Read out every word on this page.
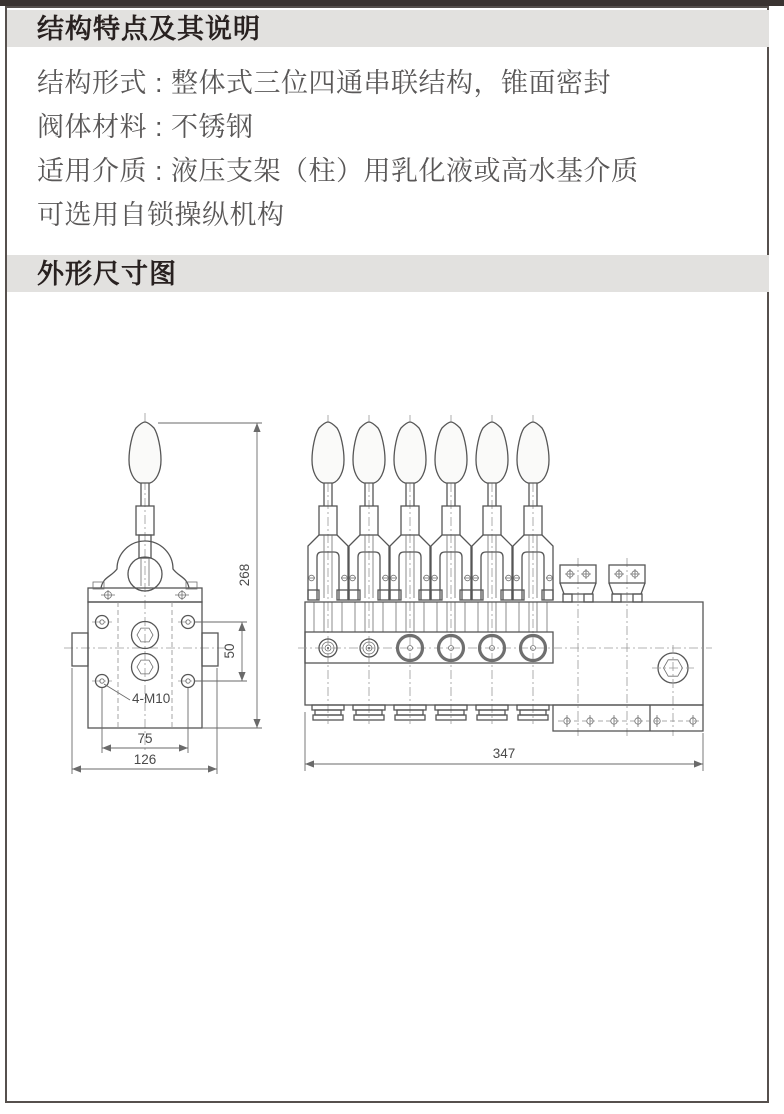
结构特点及其说明
结构形式 : 整体式三位四通串联结构，锥面密封
阀体材料 : 不锈钢
适用介质 : 液压支架（柱）用乳化液或高水基介质
可选用自锁操纵机构
外形尺寸图
268
50
4-M10
75
126	347
